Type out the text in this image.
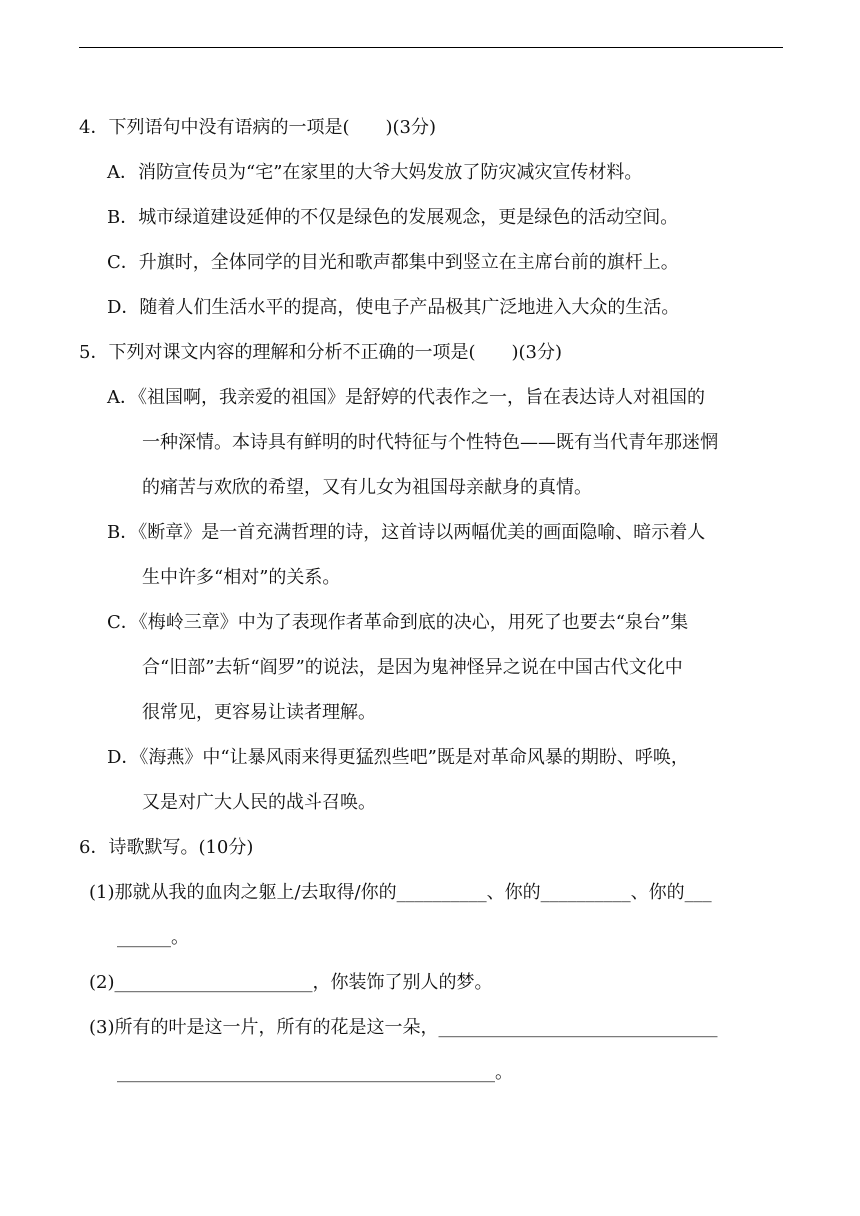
4．下列语句中没有语病的一项是(　　)(3分)
A．消防宣传员为“宅”在家里的大爷大妈发放了防灾减灾宣传材料。
B．城市绿道建设延伸的不仅是绿色的发展观念，更是绿色的活动空间。
C．升旗时，全体同学的目光和歌声都集中到竖立在主席台前的旗杆上。
D．随着人们生活水平的提高，使电子产品极其广泛地进入大众的生活。
5．下列对课文内容的理解和分析不正确的一项是(　　)(3分)
A．《祖国啊，我亲爱的祖国》是舒婷的代表作之一，旨在表达诗人对祖国的
一种深情。本诗具有鲜明的时代特征与个性特色——既有当代青年那迷惘
的痛苦与欢欣的希望，又有儿女为祖国母亲献身的真情。
B．《断章》是一首充满哲理的诗，这首诗以两幅优美的画面隐喻、暗示着人
生中许多“相对”的关系。
C．《梅岭三章》中为了表现作者革命到底的决心，用死了也要去“泉台”集
合“旧部”去斩“阎罗”的说法，是因为鬼神怪异之说在中国古代文化中
很常见，更容易让读者理解。
D．《海燕》中“让暴风雨来得更猛烈些吧”既是对革命风暴的期盼、呼唤，
又是对广大人民的战斗召唤。
6．诗歌默写。(10分)
(1)那就从我的血肉之躯上/去取得/你的__________、你的__________、你的___
______。
(2)______________________，你装饰了别人的梦。
(3)所有的叶是这一片，所有的花是这一朵，_______________________________
__________________________________________。
